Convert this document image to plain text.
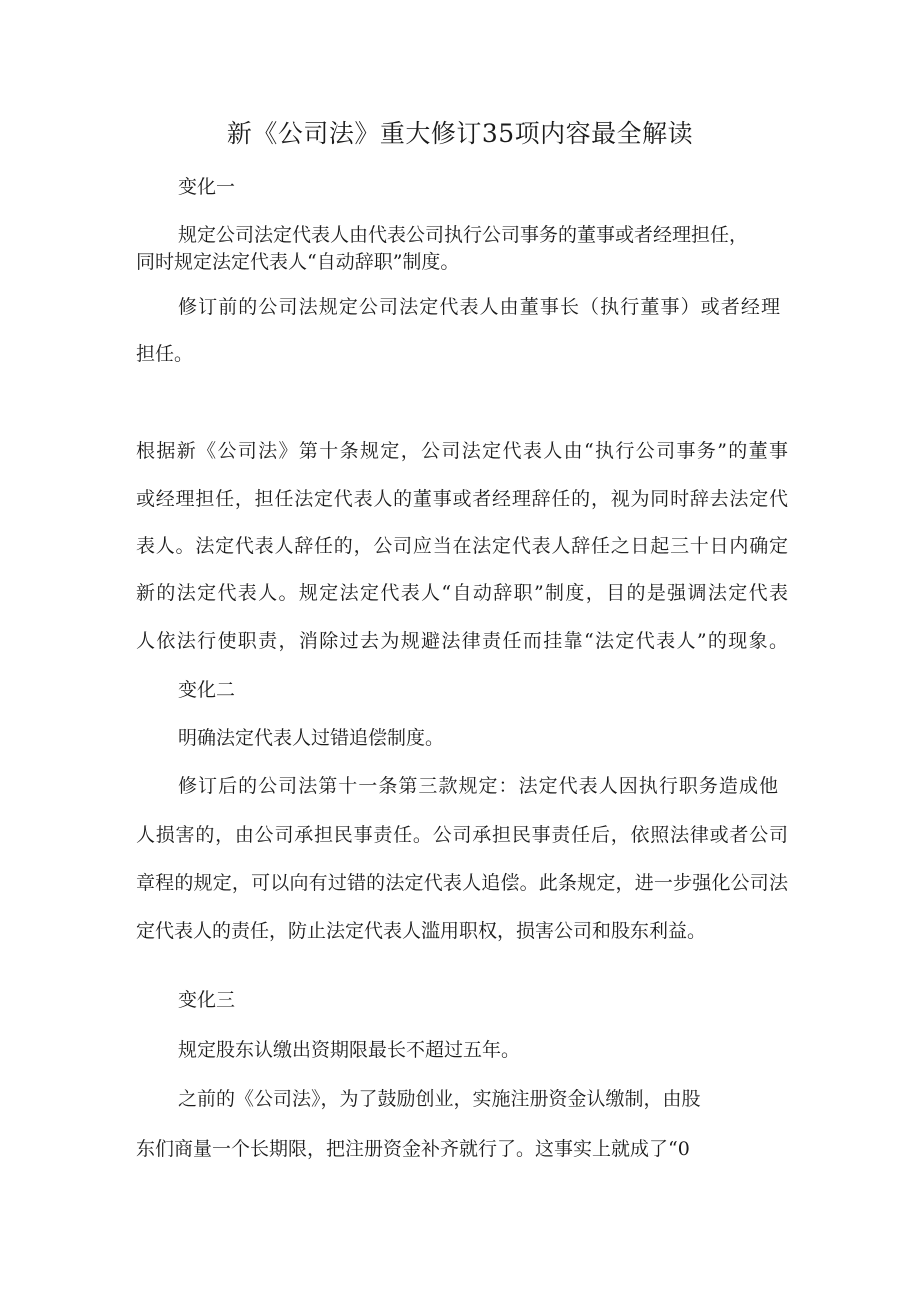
新《公司法》重大修订35项内容最全解读

变化一

规定公司法定代表人由代表公司执行公司事务的董事或者经理担任，

同时规定法定代表人“自动辞职”制度。

修订前的公司法规定公司法定代表人由董事长（执行董事）或者经理

担任。

根据新《公司法》第十条规定，公司法定代表人由“执行公司事务”的董事

或经理担任，担任法定代表人的董事或者经理辞任的，视为同时辞去法定代

表人。法定代表人辞任的，公司应当在法定代表人辞任之日起三十日内确定

新的法定代表人。规定法定代表人“自动辞职”制度，目的是强调法定代表

人依法行使职责，消除过去为规避法律责任而挂靠“法定代表人”的现象。

变化二

明确法定代表人过错追偿制度。

修订后的公司法第十一条第三款规定：法定代表人因执行职务造成他

人损害的，由公司承担民事责任。公司承担民事责任后，依照法律或者公司

章程的规定，可以向有过错的法定代表人追偿。此条规定，进一步强化公司法

定代表人的责任，防止法定代表人滥用职权，损害公司和股东利益。

变化三

规定股东认缴出资期限最长不超过五年。

之前的《公司法》，为了鼓励创业，实施注册资金认缴制，由股

东们商量一个长期限，把注册资金补齐就行了。这事实上就成了“0
